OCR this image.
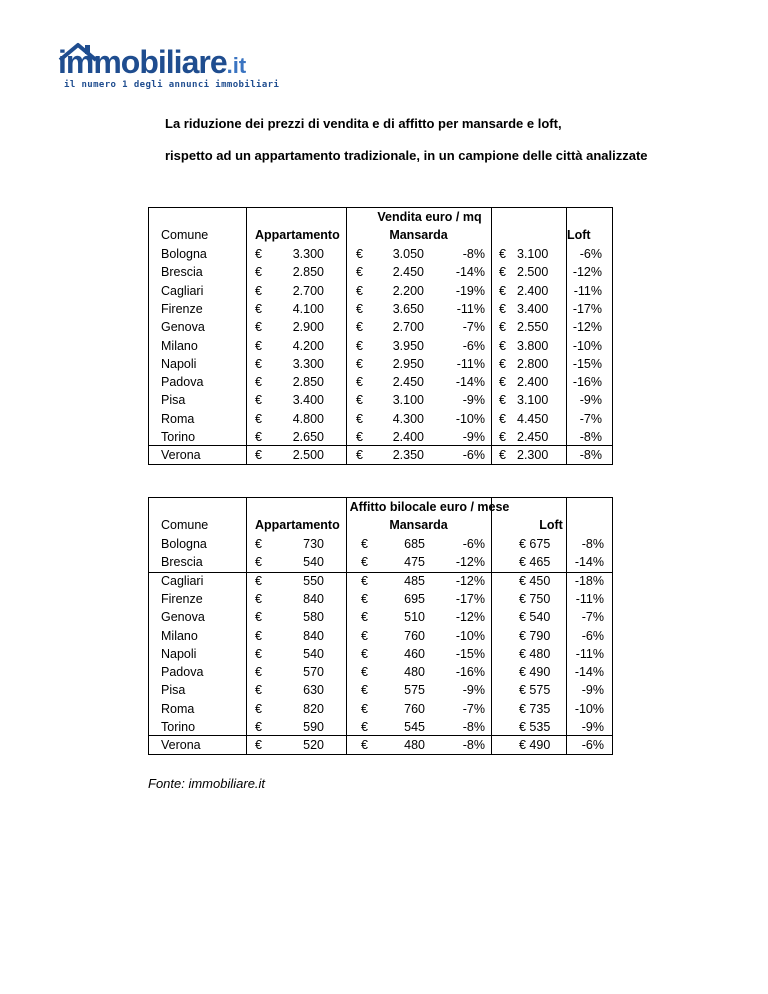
immobiliare.it
il numero 1 degli annunci immobiliari
La riduzione dei prezzi di vendita e di affitto per mansarde e loft,
rispetto ad un appartamento tradizionale, in un campione delle città analizzate
Vendita euro / mq
Comune	Appartamento	Mansarda	Loft
Bologna	€	3.300	€	3.050	-8% € 3.100	-6%
Brescia	€	2.850	€	2.450	-14% € 2.500	-12%
Cagliari	€	2.700	€	2.200	-19% € 2.400	-11%
Firenze	€	4.100	€	3.650	-11% € 3.400	-17%
Genova	€	2.900	€	2.700	-7% € 2.550	-12%
Milano	€	4.200	€	3.950	-6% € 3.800	-10%
Napoli	€	3.300	€	2.950	-11% € 2.800	-15%
Padova	€	2.850	€	2.450	-14% € 2.400	-16%
Pisa	€	3.400	€	3.100	-9% € 3.100	-9%
Roma	€	4.800	€	4.300	-10% € 4.450	-7%
Torino	€	2.650	€	2.400	-9% € 2.450	-8%
Verona	€	2.500	€	2.350	-6% € 2.300	-8%
Affitto bilocale euro / mese
Comune	Appartamento	Mansarda	Loft
Bologna	€	730	€	685	-6%	€ 675	-8%
Brescia	€	540	€	475	-12%	€ 465	-14%
Cagliari	€	550	€	485	-12%	€ 450	-18%
Firenze	€	840	€	695	-17%	€ 750	-11%
Genova	€	580	€	510	-12%	€ 540	-7%
Milano	€	840	€	760	-10%	€ 790	-6%
Napoli	€	540	€	460	-15%	€ 480	-11%
Padova	€	570	€	480	-16%	€ 490	-14%
Pisa	€	630	€	575	-9%	€ 575	-9%
Roma	€	820	€	760	-7%	€ 735	-10%
Torino	€	590	€	545	-8%	€ 535	-9%
Verona	€	520	€	480	-8%	€ 490	-6%
Fonte: immobiliare.it
